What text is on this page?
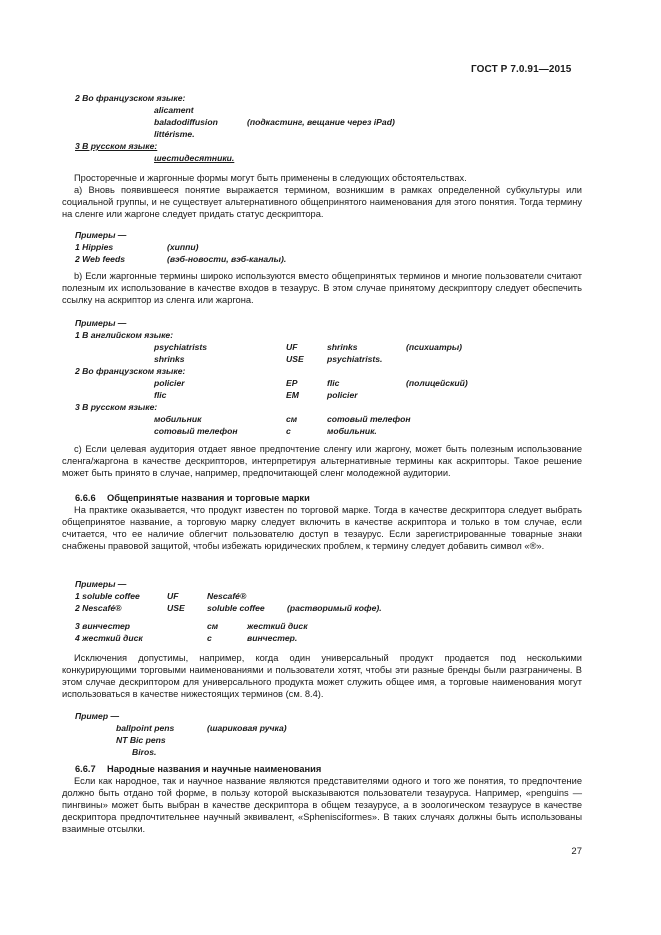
ГОСТ Р 7.0.91—2015
2 Во французском языке:
alicament
baladodiffusion	(подкастинг, вещание через iPad)
littérisme.
3 В русском языке:
шестидесятники.
Просторечные и жаргонные формы могут быть применены в следующих обстоятельствах.
а) Вновь появившееся понятие выражается термином, возникшим в рамках определенной субкультуры или социальной группы, и не существует альтернативного общепринятого наименования для этого понятия. Тогда термину на сленге или жаргоне следует придать статус дескриптора.
Примеры —
1 Hippies	(хиппи)
2 Web feeds	(вэб-новости, вэб-каналы).
b) Если жаргонные термины широко используются вместо общепринятых терминов и многие пользователи считают полезным их использование в качестве входов в тезаурус. В этом случае принятому дескриптору следует обеспечить ссылку на аскриптор из сленга или жаргона.
Примеры —
1 В английском языке:
psychiatrists	UF	shrinks	(психиатры)
shrinks	USE	psychiatrists.
2 Во французском языке:
policier	EP	flic	(полицейский)
flic	EM	policier
3 В русском языке:
мобильник	см	сотовый телефон
сотовый телефон	с	мобильник.
с) Если целевая аудитория отдает явное предпочтение сленгу или жаргону, может быть полезным использование сленга/жаргона в качестве дескрипторов, интерпретируя альтернативные термины как аскрипторы. Такое решение может быть принято в случае, например, предпочитающей сленг молодежной аудитории.
6.6.6 Общепринятые названия и торговые марки
На практике оказывается, что продукт известен по торговой марке. Тогда в качестве дескриптора следует выбрать общепринятое название, а торговую марку следует включить в качестве аскриптора и только в том случае, если считается, что ее наличие облегчит пользователю доступ в тезаурус. Если зарегистрированные товарные знаки снабжены правовой защитой, чтобы избежать юридических проблем, к термину следует добавить символ «®».
Примеры —
1 soluble coffee	UF	Nescafé®
2 Nescafé®	USE	soluble coffee	(растворимый кофе).
3 винчестер	см	жесткий диск
4 жесткий диск	с	винчестер.
Исключения допустимы, например, когда один универсальный продукт продается под несколькими конкурирующими торговыми наименованиями и пользователи хотят, чтобы эти разные бренды были разграничены. В этом случае дескриптором для универсального продукта может служить общее имя, а торговые наименования могут использоваться в качестве нижестоящих терминов (см. 8.4).
Пример —
ballpoint pens	(шариковая ручка)
NT Bic pens
Biros.
6.6.7 Народные названия и научные наименования
Если как народное, так и научное название являются представителями одного и того же понятия, то предпочтение должно быть отдано той форме, в пользу которой высказываются пользователи тезауруса. Например, «penguins — пингвины» может быть выбран в качестве дескриптора в общем тезаурусе, а в зоологическом тезаурусе в качестве дескриптора предпочтительнее научный эквивалент, «Spheniscіformes». В таких случаях должны быть использованы взаимные отсылки.
27
